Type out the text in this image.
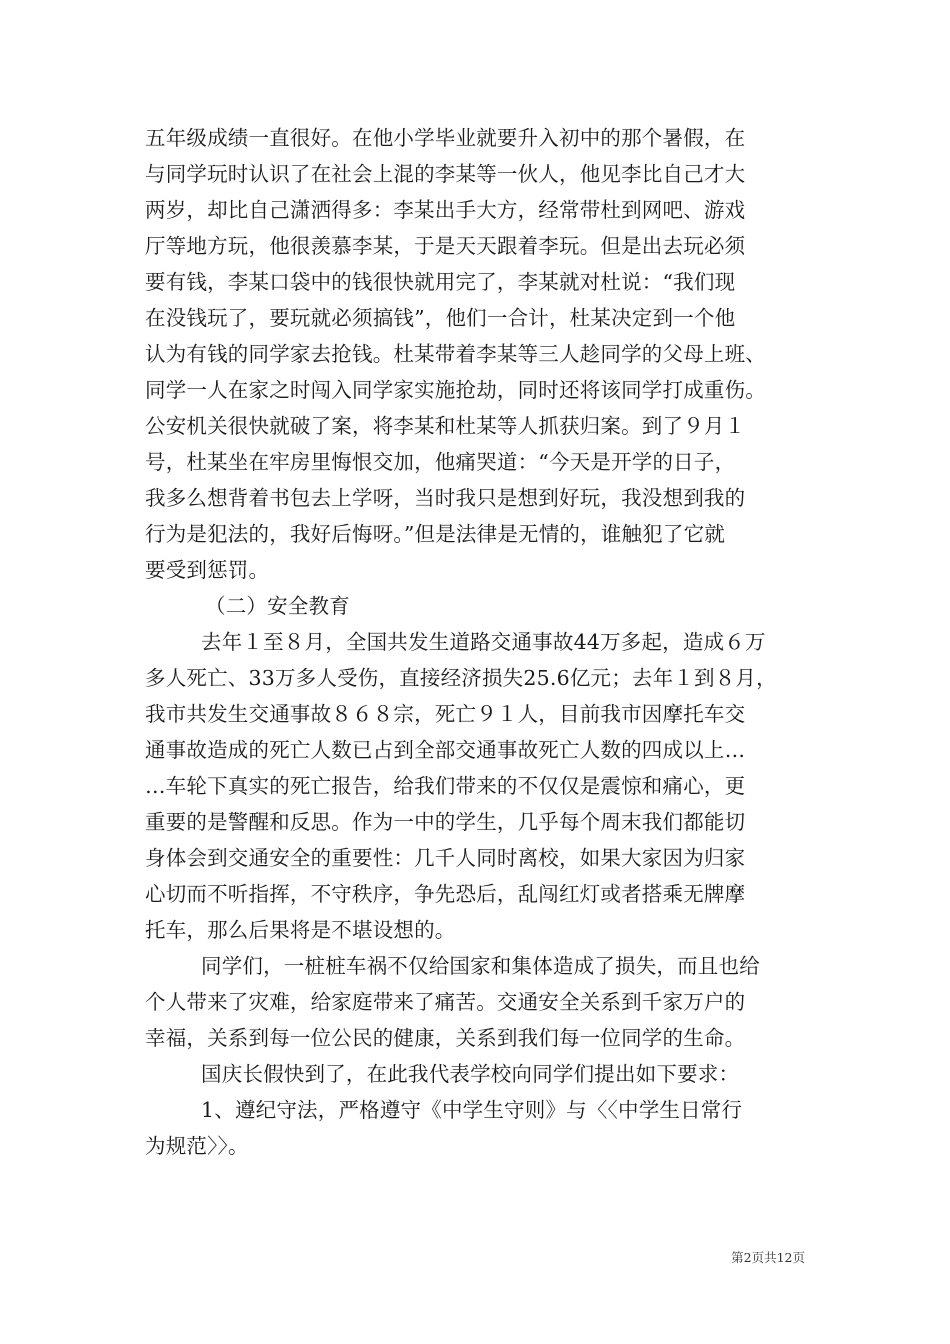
五年级成绩一直很好。在他小学毕业就要升入初中的那个暑假，在
与同学玩时认识了在社会上混的李某等一伙人，他见李比自己才大
两岁，却比自己潇洒得多：李某出手大方，经常带杜到网吧、游戏
厅等地方玩，他很羡慕李某，于是天天跟着李玩。但是出去玩必须
要有钱，李某口袋中的钱很快就用完了，李某就对杜说：“我们现
在没钱玩了，要玩就必须搞钱”，他们一合计，杜某决定到一个他
认为有钱的同学家去抢钱。杜某带着李某等三人趁同学的父母上班、
同学一人在家之时闯入同学家实施抢劫，同时还将该同学打成重伤。
公安机关很快就破了案，将李某和杜某等人抓获归案。到了９月１
号，杜某坐在牢房里悔恨交加，他痛哭道：“今天是开学的日子，
我多么想背着书包去上学呀，当时我只是想到好玩，我没想到我的
行为是犯法的，我好后悔呀。”但是法律是无情的，谁触犯了它就
要受到惩罚。
（二）安全教育
去年１至８月，全国共发生道路交通事故44万多起，造成６万
多人死亡、33万多人受伤，直接经济损失25.6亿元；去年１到８月，
我市共发生交通事故８６８宗，死亡９１人，目前我市因摩托车交
通事故造成的死亡人数已占到全部交通事故死亡人数的四成以上…
…车轮下真实的死亡报告，给我们带来的不仅仅是震惊和痛心，更
重要的是警醒和反思。作为一中的学生，几乎每个周末我们都能切
身体会到交通安全的重要性：几千人同时离校，如果大家因为归家
心切而不听指挥，不守秩序，争先恐后，乱闯红灯或者搭乘无牌摩
托车，那么后果将是不堪设想的。
同学们，一桩桩车祸不仅给国家和集体造成了损失，而且也给
个人带来了灾难，给家庭带来了痛苦。交通安全关系到千家万户的
幸福，关系到每一位公民的健康，关系到我们每一位同学的生命。
国庆长假快到了，在此我代表学校向同学们提出如下要求：
1、遵纪守法，严格遵守《中学生守则》与〈〈中学生日常行
为规范〉〉。
第2页共12页
